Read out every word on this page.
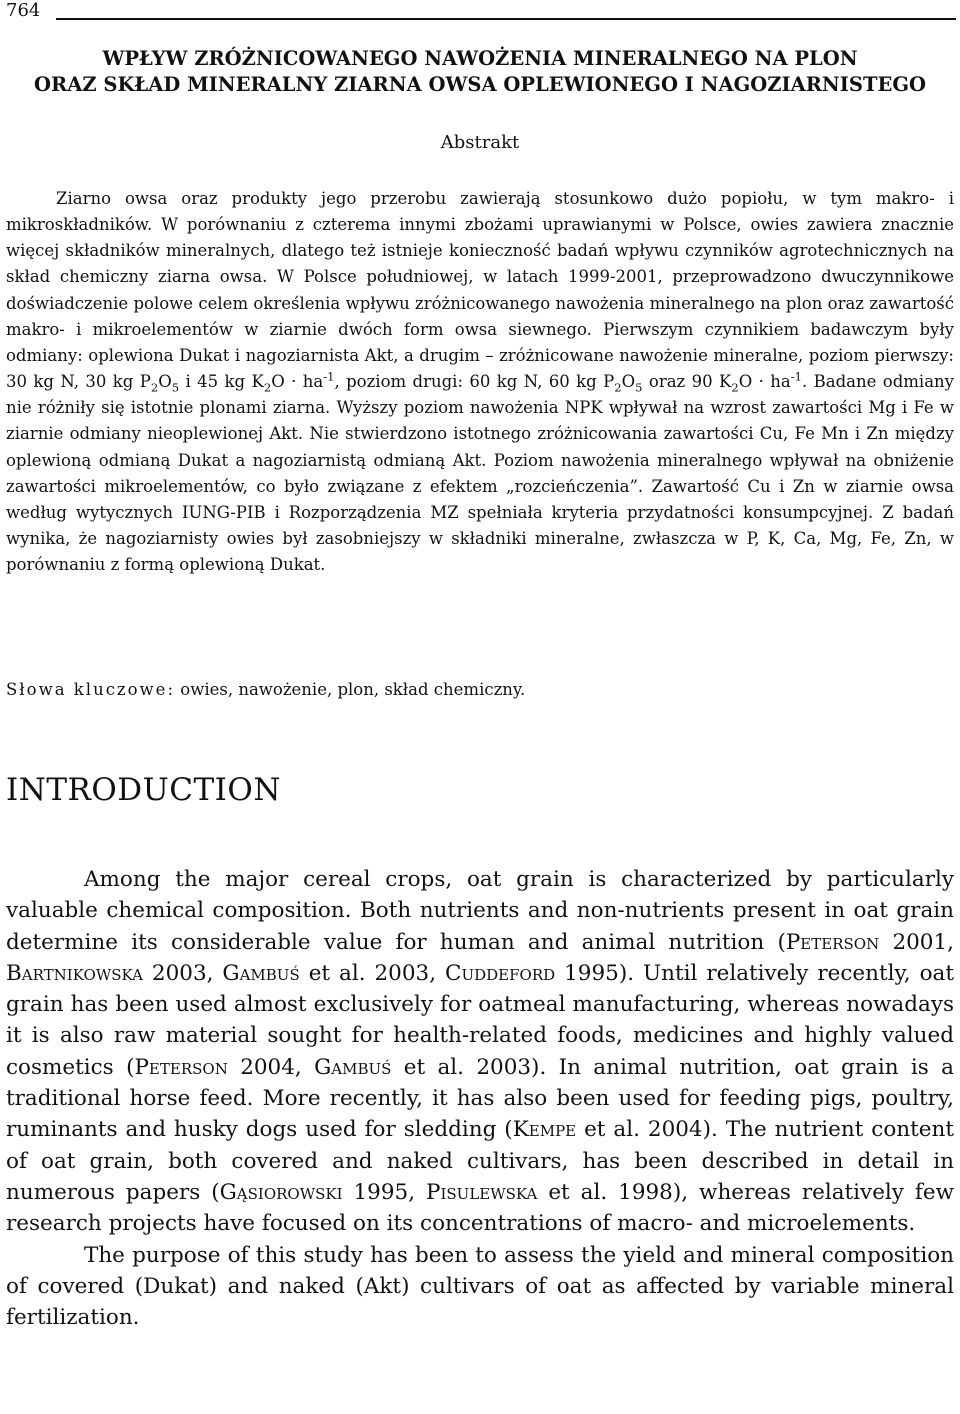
764
WPŁYW ZRÓŻNICOWANEGO NAWOŻENIA MINERALNEGO NA PLON
ORAZ SKŁAD MINERALNY ZIARNA OWSA OPLEWIONEGO I NAGOZIARNISTEGO
Abstrakt

Ziarno owsa oraz produkty jego przerobu zawierają stosunkowo dużo popiołu, w tym makro- i mikroskładników. W porównaniu z czterema innymi zbożami uprawianymi w Polsce, owies zawiera znacznie więcej składników mineralnych, dlatego też istnieje konieczność badań wpływu czynników agrotechnicznych na skład chemiczny ziarna owsa. W Polsce południowej, w latach 1999-2001, przeprowadzono dwuczynnikowe doświadczenie polowe celem określenia wpływu zróżnicowanego nawożenia mineralnego na plon oraz zawartość makro- i mikroelementów w ziarnie dwóch form owsa siewnego. Pierwszym czynnikiem badawczym były odmiany: oplewiona Dukat i nagoziarnista Akt, a drugim – zróżnicowane nawożenie mineralne, poziom pierwszy: 30 kg N, 30 kg $P_2O_5$ i 45 kg $K_2O \cdot ha^{-1}$, poziom drugi: 60 kg N, 60 kg $P_2O_5$ oraz 90 $K_2O \cdot ha^{-1}$. Badane odmiany nie różniły się istotnie plonami ziarna. Wyższy poziom nawożenia NPK wpływał na wzrost zawartości Mg i Fe w ziarnie odmiany nieoplewionej Akt. Nie stwierdzono istotnego zróżnicowania zawartości Cu, Fe Mn i Zn między oplewioną odmianą Dukat a nagoziarnistą odmianą Akt. Poziom nawożenia mineralnego wpływał na obniżenie zawartości mikroelementów, co było związane z efektem „rozcieńczenia”. Zawartość Cu i Zn w ziarnie owsa według wytycznych IUNG-PIB i Rozporządzenia MZ spełniała kryteria przydatności konsumpcyjnej. Z badań wynika, że nagoziarnisty owies był zasobniejszy w składniki mineralne, zwłaszcza w P, K, Ca, Mg, Fe, Zn, w porównaniu z formą oplewioną Dukat.

Słowa kluczowe: owies, nawożenie, plon, skład chemiczny.
INTRODUCTION

Among the major cereal crops, oat grain is characterized by particularly valuable chemical composition. Both nutrients and non-nutrients present in oat grain determine its considerable value for human and animal nutrition (Peterson 2001, Bartnikowska 2003, Gambuś et al. 2003, Cuddeford 1995). Until relatively recently, oat grain has been used almost exclusively for oatmeal manufacturing, whereas nowadays it is also raw material sought for health-related foods, medicines and highly valued cosmetics (Peterson 2004, Gambuś et al. 2003). In animal nutrition, oat grain is a traditional horse feed. More recently, it has also been used for feeding pigs, poultry, ruminants and husky dogs used for sledding (Kempe et al. 2004). The nutrient content of oat grain, both covered and naked cultivars, has been described in detail in numerous papers (Gąsiorowski 1995, Pisulewska et al. 1998), whereas relatively few research projects have focused on its concentrations of macro- and microelements.

The purpose of this study has been to assess the yield and mineral composition of covered (Dukat) and naked (Akt) cultivars of oat as affected by variable mineral fertilization.
